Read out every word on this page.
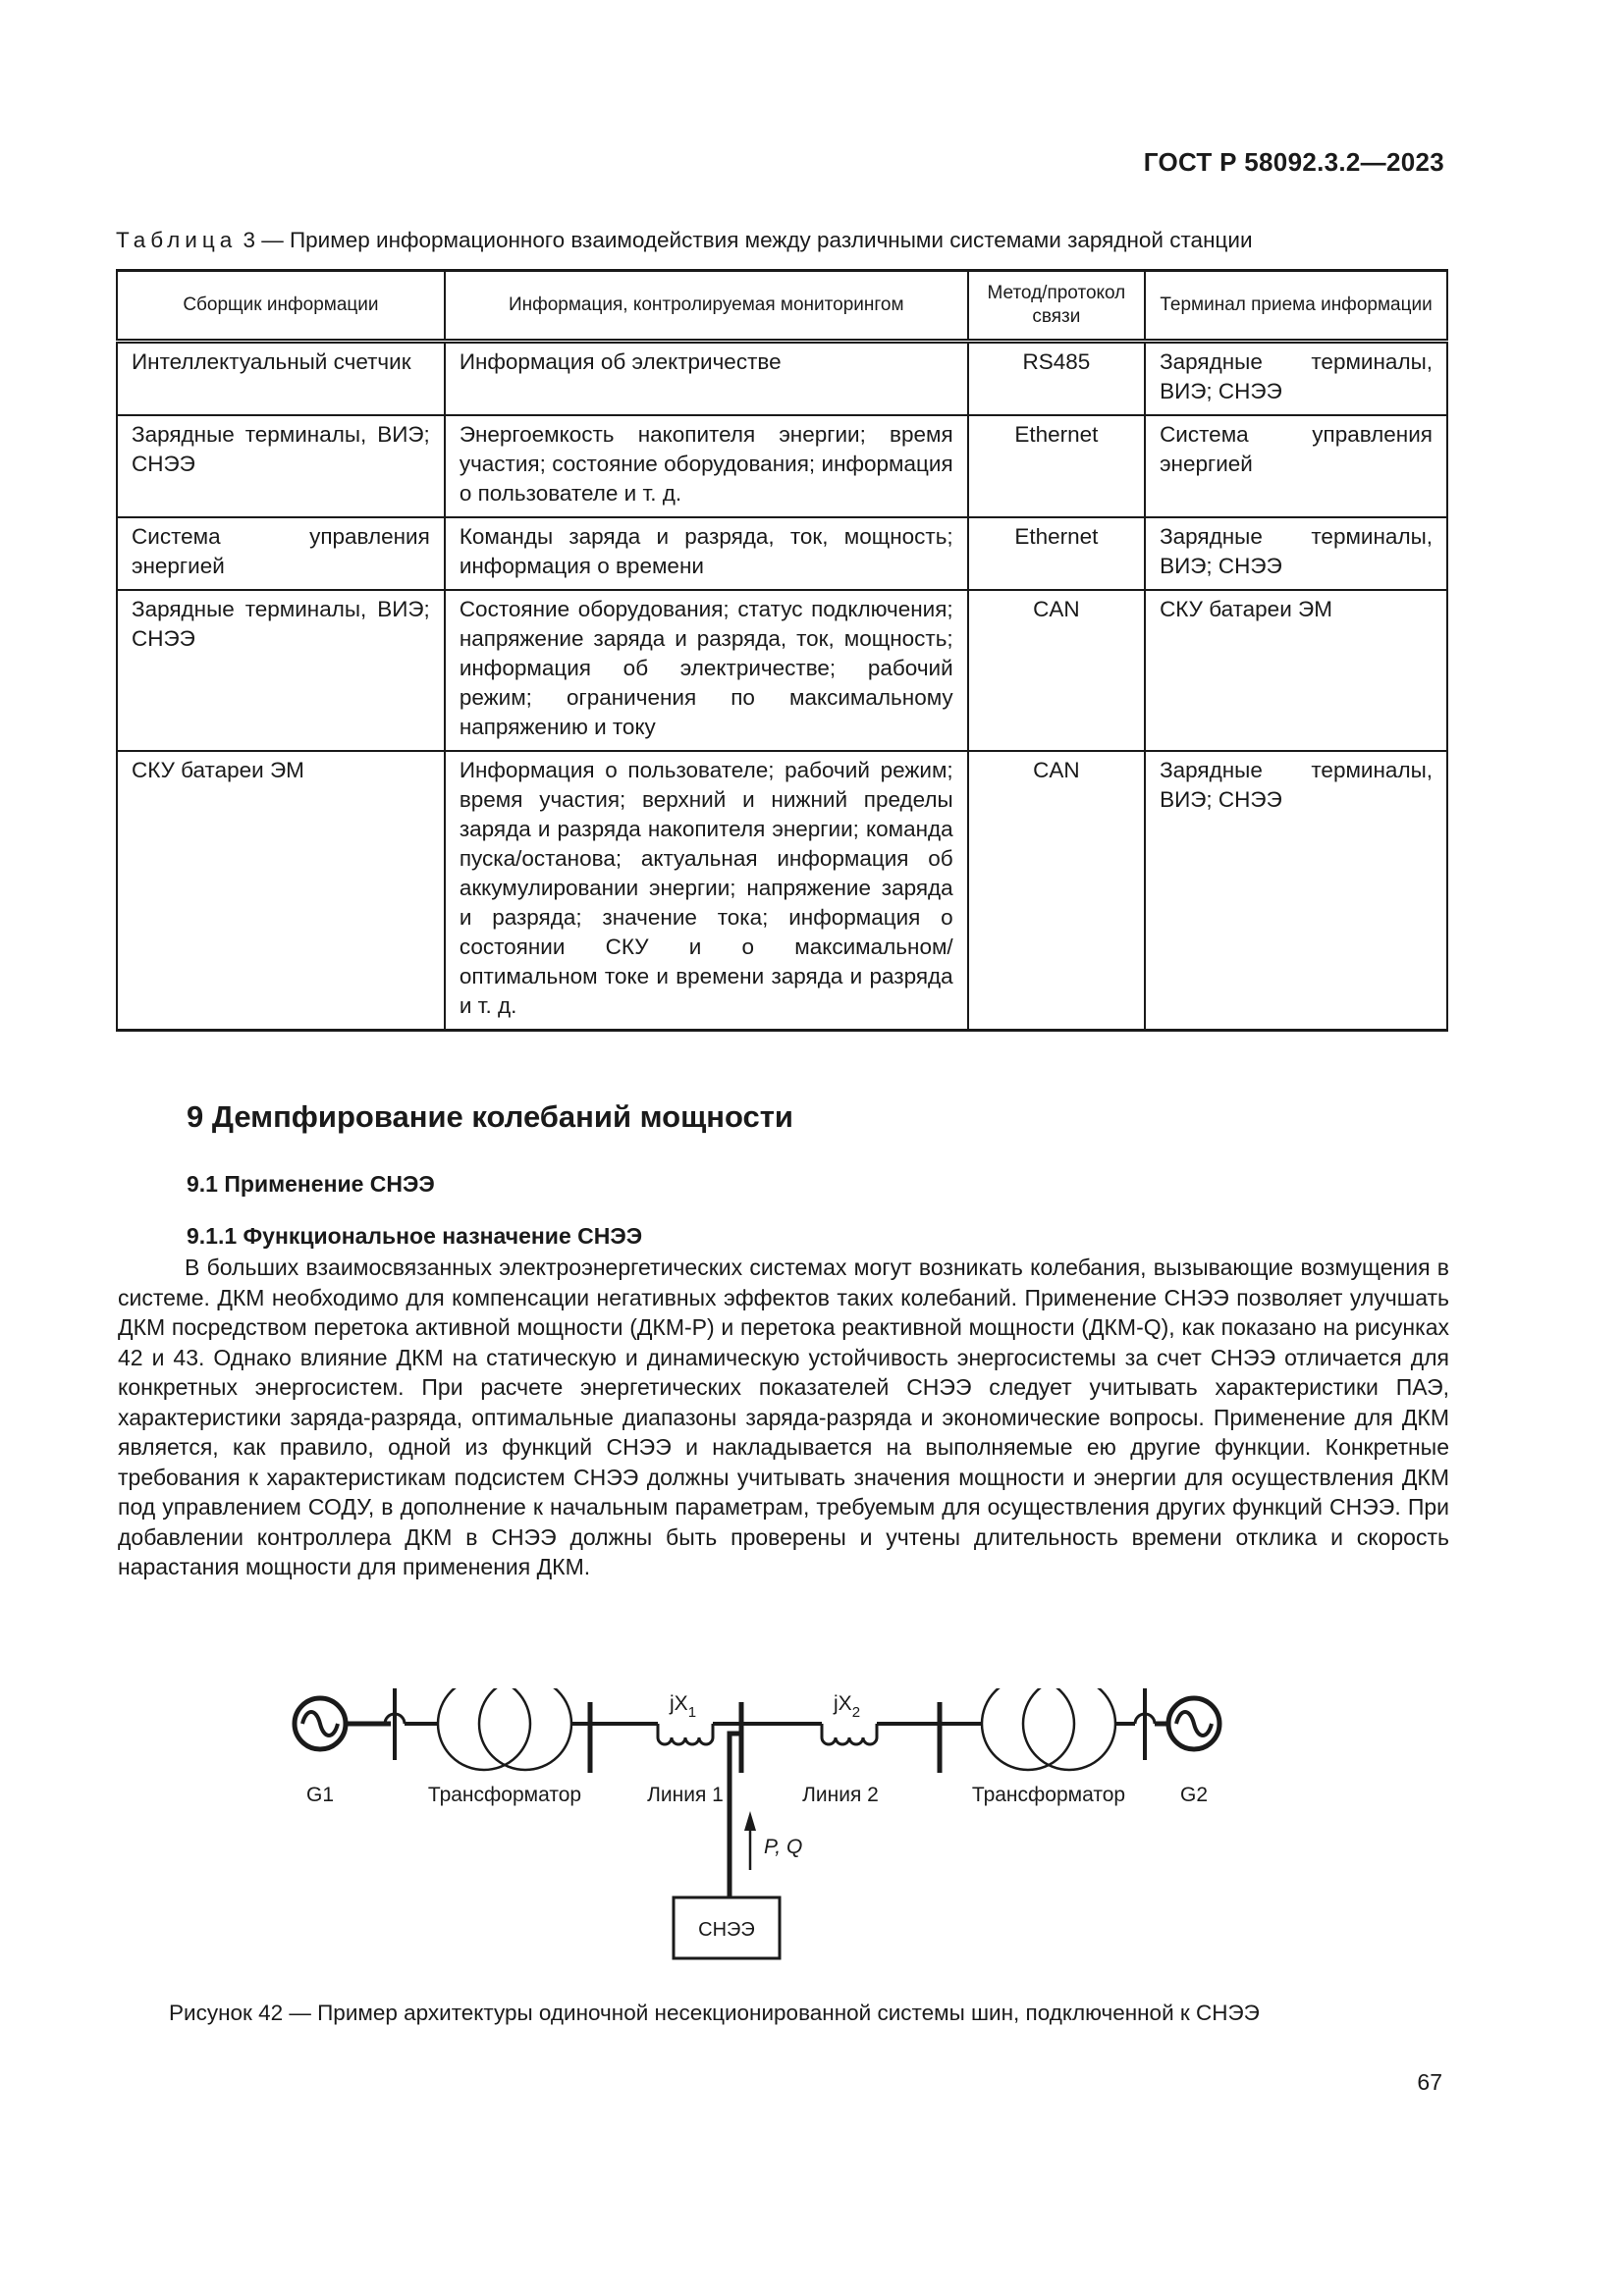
ГОСТ Р 58092.3.2—2023
Таблица 3 — Пример информационного взаимодействия между различными системами зарядной станции
Сборщик информации	Информация, контролируемая мониторингом	Метод/протокол связи	Терминал приема информации
Интеллектуальный счетчик	Информация об электричестве	RS485	Зарядные терминалы, ВИЭ; СНЭЭ
Зарядные терминалы, ВИЭ; СНЭЭ	Энергоемкость накопителя энергии; время участия; состояние оборудования; информация о пользователе и т. д.	Ethernet	Система управления энергией
Система управления энергией	Команды заряда и разряда, ток, мощность; информация о времени	Ethernet	Зарядные терминалы, ВИЭ; СНЭЭ
Зарядные терминалы, ВИЭ; СНЭЭ	Состояние оборудования; статус подключения; напряжение заряда и разряда, ток, мощность; информация об электричестве; рабочий режим; ограничения по максимальному напряжению и току	CAN	СКУ батареи ЭМ
СКУ батареи ЭМ	Информация о пользователе; рабочий режим; время участия; верхний и нижний пределы заряда и разряда накопителя энергии; команда пуска/останова; актуальная информация об аккумулировании энергии; напряжение заряда и разряда; значение тока; информация о состоянии СКУ и о максимальном/оптимальном токе и времени заряда и разряда и т. д.	CAN	Зарядные терминалы, ВИЭ; СНЭЭ
9 Демпфирование колебаний мощности
9.1 Применение СНЭЭ
9.1.1 Функциональное назначение СНЭЭ
В больших взаимосвязанных электроэнергетических системах могут возникать колебания, вызывающие возмущения в системе. ДКМ необходимо для компенсации негативных эффектов таких колебаний. Применение СНЭЭ позволяет улучшать ДКМ посредством перетока активной мощности (ДКМ-P) и перетока реактивной мощности (ДКМ-Q), как показано на рисунках 42 и 43. Однако влияние ДКМ на статическую и динамическую устойчивость энергосистемы за счет СНЭЭ отличается для конкретных энергосистем. При расчете энергетических показателей СНЭЭ следует учитывать характеристики ПАЭ, характеристики заряда-разряда, оптимальные диапазоны заряда-разряда и экономические вопросы. Применение для ДКМ является, как правило, одной из функций СНЭЭ и накладывается на выполняемые ею другие функции. Конкретные требования к характеристикам подсистем СНЭЭ должны учитывать значения мощности и энергии для осуществления ДКМ под управлением СОДУ, в дополнение к начальным параметрам, требуемым для осуществления других функций СНЭЭ. При добавлении контроллера ДКМ в СНЭЭ должны быть проверены и учтены длительность времени отклика и скорость нарастания мощности для применения ДКМ.
G1	Трансформатор	Линия 1	Линия 2	Трансформатор	G2
$jX_1$	$jX_2$
P, Q
СНЭЭ
Рисунок 42 — Пример архитектуры одиночной несекционированной системы шин, подключенной к СНЭЭ
67
